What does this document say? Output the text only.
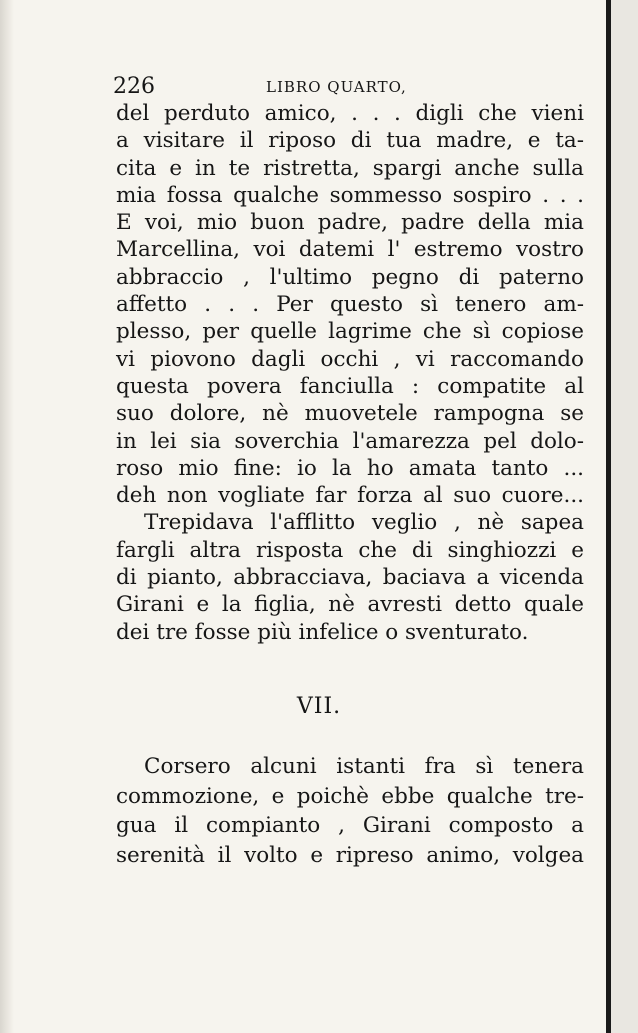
226	LIBRO QUARTO,
del perduto amico, . . . digli che vieni
a visitare il riposo di tua madre, e ta-
cita e in te ristretta, spargi anche sulla
mia fossa qualche sommesso sospiro . . .
E voi, mio buon padre, padre della mia
Marcellina, voi datemi l' estremo vostro
abbraccio , l'ultimo pegno di paterno
affetto . . . Per questo sì tenero am-
plesso, per quelle lagrime che sì copiose
vi piovono dagli occhi , vi raccomando
questa povera fanciulla : compatite al
suo dolore, nè muovetele rampogna se
in lei sia soverchia l'amarezza pel dolo-
roso mio fine: io la ho amata tanto ...
deh non vogliate far forza al suo cuore...
Trepidava l'afflitto veglio , nè sapea
fargli altra risposta che di singhiozzi e
di pianto, abbracciava, baciava a vicenda
Girani e la figlia, nè avresti detto quale
dei tre fosse più infelice o sventurato.
VII.
Corsero alcuni istanti fra sì tenera
commozione, e poichè ebbe qualche tre-
gua il compianto , Girani composto a
serenità il volto e ripreso animo, volgea
